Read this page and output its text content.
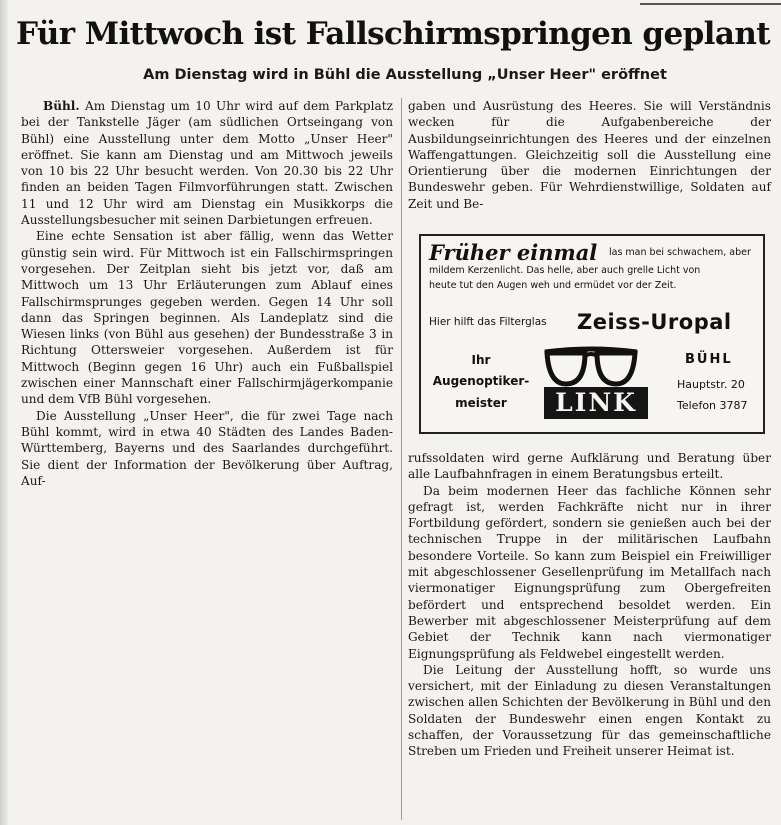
Für Mittwoch ist Fallschirmspringen geplant
Am Dienstag wird in Bühl die Ausstellung „Unser Heer" eröffnet

Bühl. Am Dienstag um 10 Uhr wird auf dem Parkplatz bei der Tankstelle Jäger (am südlichen Ortseingang von Bühl) eine Ausstellung unter dem Motto „Unser Heer" eröffnet. Sie kann am Dienstag und am Mittwoch jeweils von 10 bis 22 Uhr besucht werden. Von 20.30 bis 22 Uhr finden an beiden Tagen Filmvorführungen statt. Zwischen 11 und 12 Uhr wird am Dienstag ein Musikkorps die Ausstellungsbesucher mit seinen Darbietungen erfreuen.

Eine echte Sensation ist aber fällig, wenn das Wetter günstig sein wird. Für Mittwoch ist ein Fallschirmspringen vorgesehen. Der Zeitplan sieht bis jetzt vor, daß am Mittwoch um 13 Uhr Erläuterungen zum Ablauf eines Fallschirmsprunges gegeben werden. Gegen 14 Uhr soll dann das Springen beginnen. Als Landeplatz sind die Wiesen links (von Bühl aus gesehen) der Bundesstraße 3 in Richtung Ottersweier vorgesehen. Außerdem ist für Mittwoch (Beginn gegen 16 Uhr) auch ein Fußballspiel zwischen einer Mannschaft einer Fallschirmjägerkompanie und dem VfB Bühl vorgesehen.

Die Ausstellung „Unser Heer", die für zwei Tage nach Bühl kommt, wird in etwa 40 Städten des Landes Baden-Württemberg, Bayerns und des Saarlandes durchgeführt. Sie dient der Information der Bevölkerung über Auftrag, Auf-

gaben und Ausrüstung des Heeres. Sie will Verständnis wecken für die Aufgabenbereiche der Ausbildungseinrichtungen des Heeres und der einzelnen Waffengattungen. Gleichzeitig soll die Ausstellung eine Orientierung über die modernen Einrichtungen der Bundeswehr geben. Für Wehrdienstwillige, Soldaten auf Zeit und Be-

Früher einmal las man bei schwachem, aber
mildem Kerzenlicht. Das helle, aber auch grelle Licht von
heute tut den Augen weh und ermüdet vor der Zeit.
Hier hilft das Filterglas Zeiss-Uropal
Ihr
Augenoptiker-
meister	LINK
BÜHL
Hauptstr. 20
Telefon 3787

rufssoldaten wird gerne Aufklärung und Beratung über alle Laufbahnfragen in einem Beratungsbus erteilt.

Da beim modernen Heer das fachliche Können sehr gefragt ist, werden Fachkräfte nicht nur in ihrer Fortbildung gefördert, sondern sie genießen auch bei der technischen Truppe in der militärischen Laufbahn besondere Vorteile. So kann zum Beispiel ein Freiwilliger mit abgeschlossener Gesellenprüfung im Metallfach nach viermonatiger Eignungsprüfung zum Obergefreiten befördert und entsprechend besoldet werden. Ein Bewerber mit abgeschlossener Meisterprüfung auf dem Gebiet der Technik kann nach viermonatiger Eignungsprüfung als Feldwebel eingestellt werden.

Die Leitung der Ausstellung hofft, so wurde uns versichert, mit der Einladung zu diesen Veranstaltungen zwischen allen Schichten der Bevölkerung in Bühl und den Soldaten der Bundeswehr einen engen Kontakt zu schaffen, der Voraussetzung für das gemeinschaftliche Streben um Frieden und Freiheit unserer Heimat ist.
